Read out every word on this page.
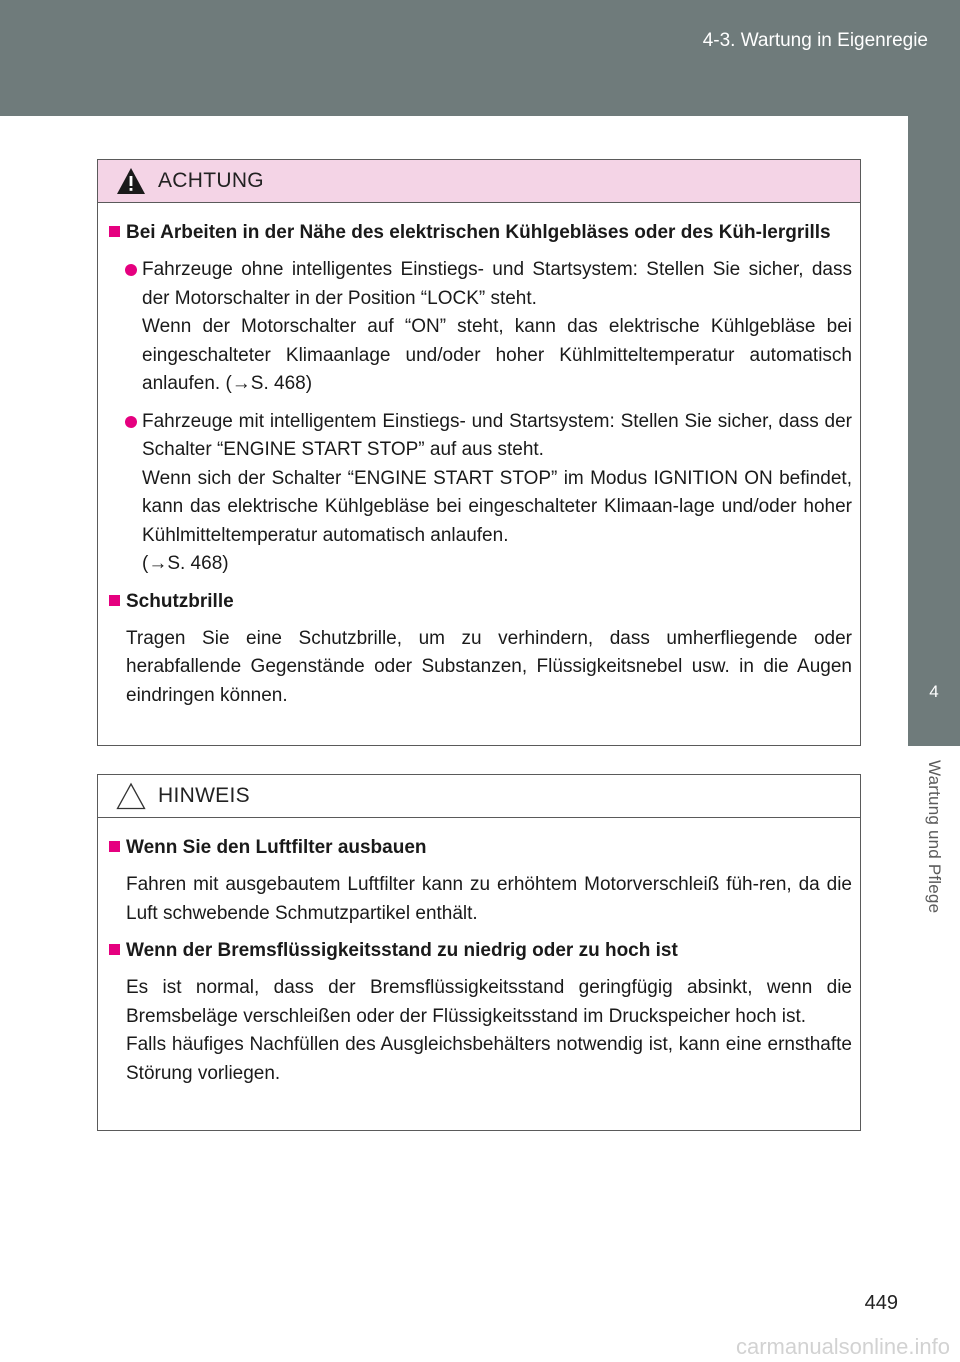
4-3. Wartung in Eigenregie
4
Wartung und Pflege
ACHTUNG
Bei Arbeiten in der Nähe des elektrischen Kühlgebläses oder des Küh-lergrills
Fahrzeuge ohne intelligentes Einstiegs- und Startsystem: Stellen Sie sicher, dass der Motorschalter in der Position “LOCK” steht.
Wenn der Motorschalter auf “ON” steht, kann das elektrische Kühlgebläse bei eingeschalteter Klimaanlage und/oder hoher Kühlmitteltemperatur automatisch anlaufen. (→S. 468)
Fahrzeuge mit intelligentem Einstiegs- und Startsystem: Stellen Sie sicher, dass der Schalter “ENGINE START STOP” auf aus steht.
Wenn sich der Schalter “ENGINE START STOP” im Modus IGNITION ON befindet, kann das elektrische Kühlgebläse bei eingeschalteter Klimaan-lage und/oder hoher Kühlmitteltemperatur automatisch anlaufen.
(→S. 468)
Schutzbrille
Tragen Sie eine Schutzbrille, um zu verhindern, dass umherfliegende oder herabfallende Gegenstände oder Substanzen, Flüssigkeitsnebel usw. in die Augen eindringen können.
HINWEIS
Wenn Sie den Luftfilter ausbauen
Fahren mit ausgebautem Luftfilter kann zu erhöhtem Motorverschleiß füh-ren, da die Luft schwebende Schmutzpartikel enthält.
Wenn der Bremsflüssigkeitsstand zu niedrig oder zu hoch ist
Es ist normal, dass der Bremsflüssigkeitsstand geringfügig absinkt, wenn die Bremsbeläge verschleißen oder der Flüssigkeitsstand im Druckspeicher hoch ist.
Falls häufiges Nachfüllen des Ausgleichsbehälters notwendig ist, kann eine ernsthafte Störung vorliegen.
449
carmanualsonline.info
